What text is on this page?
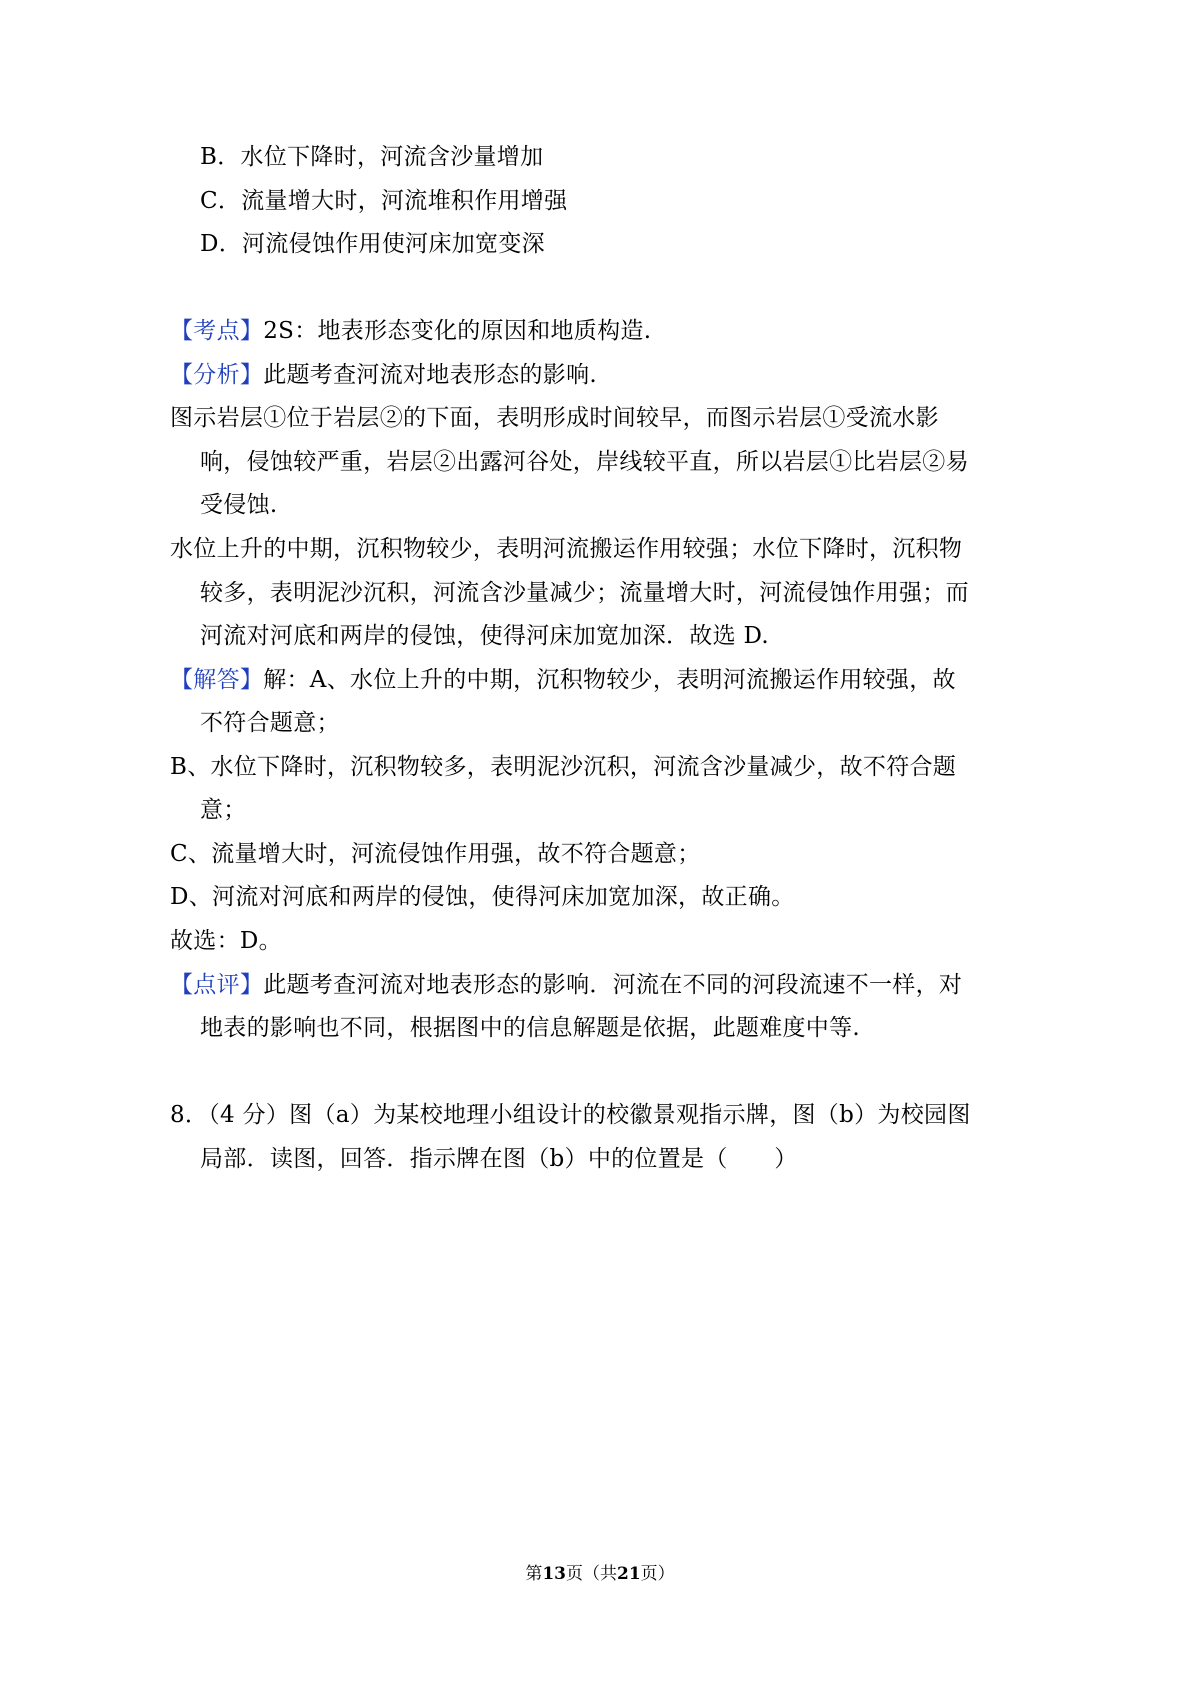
B．水位下降时，河流含沙量增加
C．流量增大时，河流堆积作用增强
D．河流侵蚀作用使河床加宽变深
【考点】2S：地表形态变化的原因和地质构造.
【分析】此题考查河流对地表形态的影响.
图示岩层①位于岩层②的下面，表明形成时间较早，而图示岩层①受流水影
响，侵蚀较严重，岩层②出露河谷处，岸线较平直，所以岩层①比岩层②易
受侵蚀.
水位上升的中期，沉积物较少，表明河流搬运作用较强；水位下降时，沉积物
较多，表明泥沙沉积，河流含沙量减少；流量增大时，河流侵蚀作用强；而
河流对河底和两岸的侵蚀，使得河床加宽加深．故选 D.
【解答】解：A、水位上升的中期，沉积物较少，表明河流搬运作用较强，故
不符合题意；
B、水位下降时，沉积物较多，表明泥沙沉积，河流含沙量减少，故不符合题
意；
C、流量增大时，河流侵蚀作用强，故不符合题意；
D、河流对河底和两岸的侵蚀，使得河床加宽加深，故正确。
故选：D。
【点评】此题考查河流对地表形态的影响．河流在不同的河段流速不一样，对
地表的影响也不同，根据图中的信息解题是依据，此题难度中等.
8．（4 分）图（a）为某校地理小组设计的校徽景观指示牌，图（b）为校园图
局部．读图，回答．指示牌在图（b）中的位置是（　　）
第13页（共21页）
